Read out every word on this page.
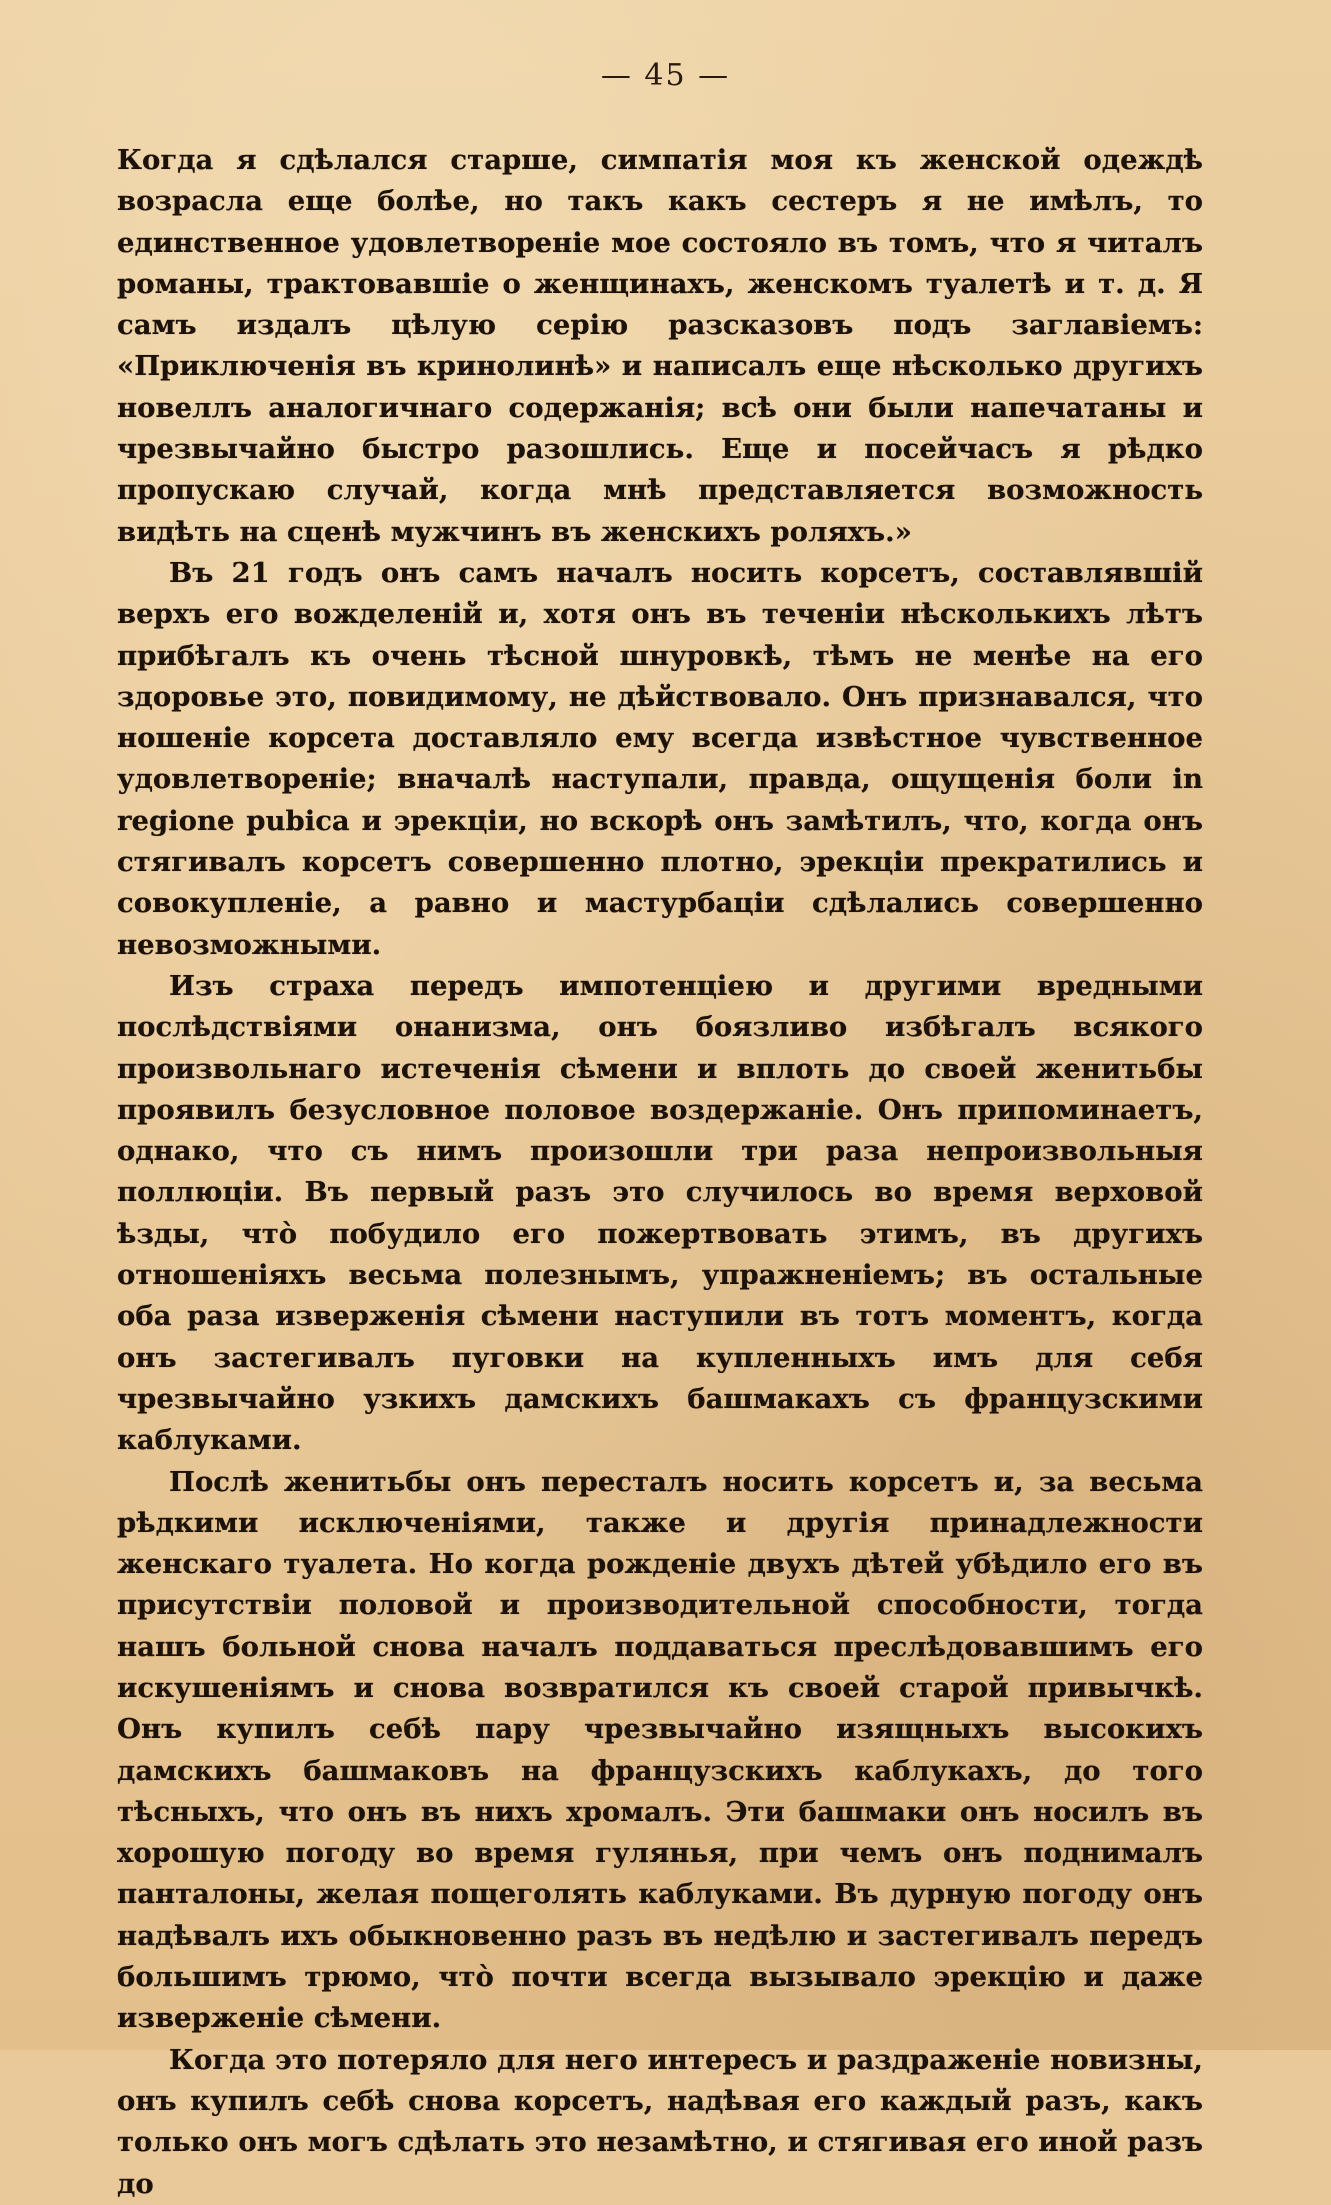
— 45 —

Когда я сдѣлался старше, симпатія моя къ женской одеждѣ возрасла еще болѣе, но такъ какъ сестеръ я не имѣлъ, то единственное удовлетвореніе мое состояло въ томъ, что я читалъ романы, трактовавшіе о женщинахъ, женскомъ туалетѣ и т. д. Я самъ издалъ цѣлую серію разсказовъ подъ заглавіемъ: «Приключенія въ кринолинѣ» и написалъ еще нѣсколько другихъ новеллъ аналогичнаго содержанія; всѣ они были напечатаны и чрезвычайно быстро разошлись. Еще и посейчасъ я рѣдко пропускаю случай, когда мнѣ представляется возможность видѣть на сценѣ мужчинъ въ женскихъ роляхъ.»

Въ 21 годъ онъ самъ началъ носить корсетъ, составлявшій верхъ его вожделеній и, хотя онъ въ теченіи нѣсколькихъ лѣтъ прибѣгалъ къ очень тѣсной шнуровкѣ, тѣмъ не менѣе на его здоровье это, повидимому, не дѣйствовало. Онъ признавался, что ношеніе корсета доставляло ему всегда извѣстное чувственное удовлетвореніе; вначалѣ наступали, правда, ощущенія боли in regione pubica и эрекціи, но вскорѣ онъ замѣтилъ, что, когда онъ стягивалъ корсетъ совершенно плотно, эрекціи прекратились и совокупленіе, а равно и мастурбаціи сдѣлались совершенно невозможными.

Изъ страха передъ импотенціею и другими вредными послѣдствіями онанизма, онъ боязливо избѣгалъ всякого произвольнаго истеченія сѣмени и вплоть до своей женитьбы проявилъ безусловное половое воздержаніе. Онъ припоминаетъ, однако, что съ нимъ произошли три раза непроизвольныя поллюціи. Въ первый разъ это случилось во время верховой ѣзды, что̀ побудило его пожертвовать этимъ, въ другихъ отношеніяхъ весьма полезнымъ, упражненіемъ; въ остальные оба раза изверженія сѣмени наступили въ тотъ моментъ, когда онъ застегивалъ пуговки на купленныхъ имъ для себя чрезвычайно узкихъ дамскихъ башмакахъ съ французскими каблуками.

Послѣ женитьбы онъ пересталъ носить корсетъ и, за весьма рѣдкими исключеніями, также и другія принадлежности женскаго туалета. Но когда рожденіе двухъ дѣтей убѣдило его въ присутствіи половой и производительной способности, тогда нашъ больной снова началъ поддаваться преслѣдовавшимъ его искушеніямъ и снова возвратился къ своей старой привычкѣ. Онъ купилъ себѣ пару чрезвычайно изящныхъ высокихъ дамскихъ башмаковъ на французскихъ каблукахъ, до того тѣсныхъ, что онъ въ нихъ хромалъ. Эти башмаки онъ носилъ въ хорошую погоду во время гулянья, при чемъ онъ поднималъ панталоны, желая пощеголять каблуками. Въ дурную погоду онъ надѣвалъ ихъ обыкновенно разъ въ недѣлю и застегивалъ передъ большимъ трюмо, что̀ почти всегда вызывало эрекцію и даже изверженіе сѣмени.

Когда это потеряло для него интересъ и раздраженіе новизны, онъ купилъ себѣ снова корсетъ, надѣвая его каждый разъ, какъ только онъ могъ сдѣлать это незамѣтно, и стягивая его иной разъ до
